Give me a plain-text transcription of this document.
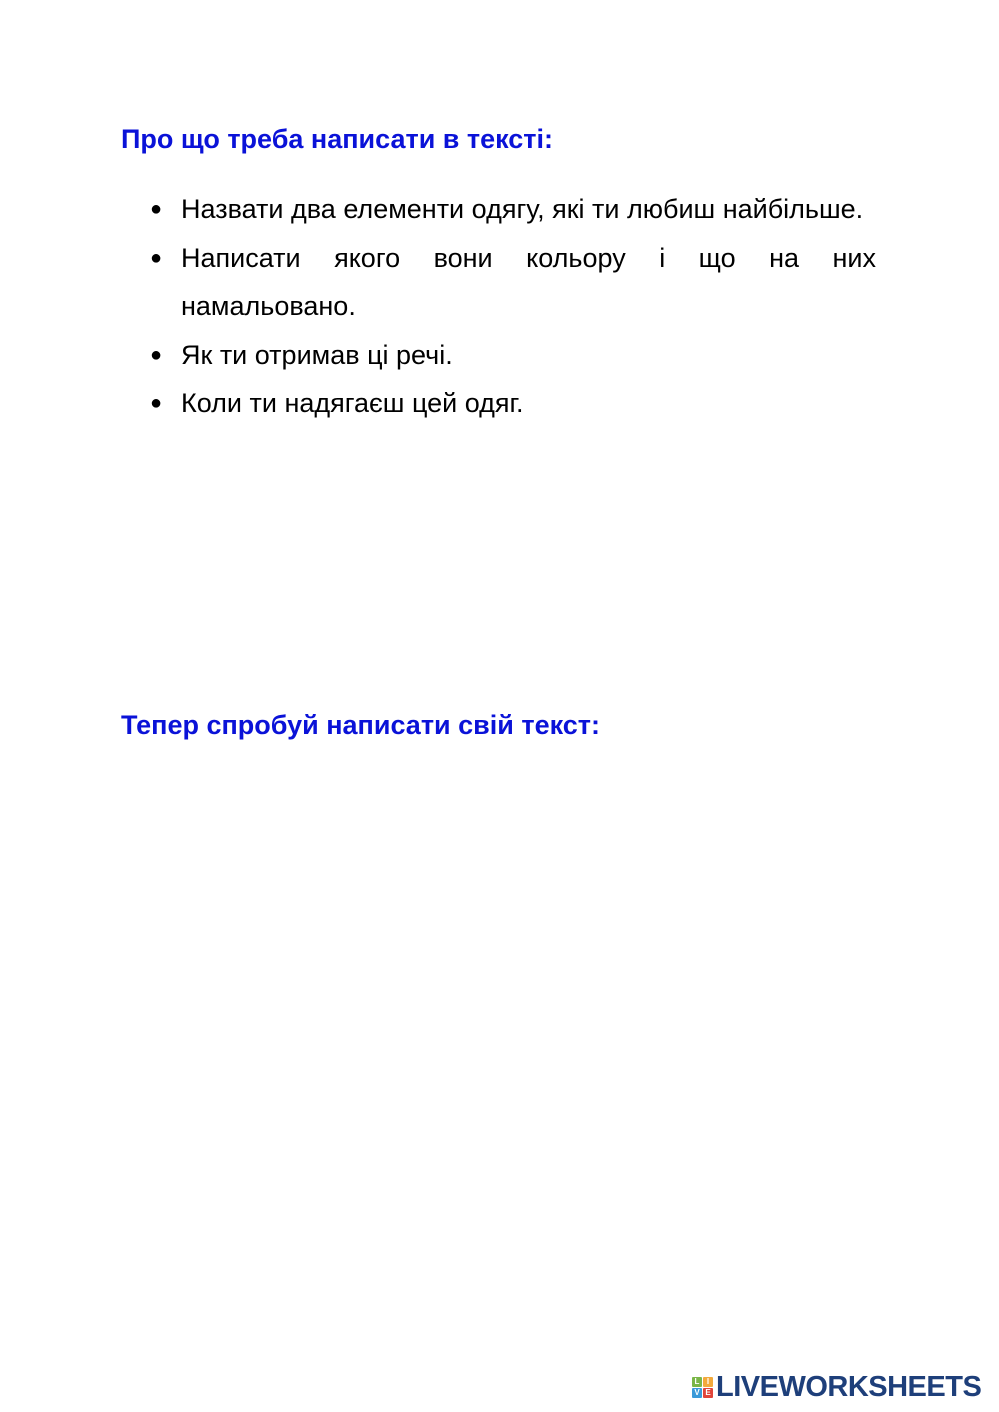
Про що треба написати в тексті:
● Назвати два елементи одягу, які ти любиш найбільше.
● Написати якого вони кольору і що на них намальовано.
● Як ти отримав ці речі.
● Коли ти надягаєш цей одяг.
Тепер спробуй написати свій текст:
L I
V E LIVEWORKSHEETS
